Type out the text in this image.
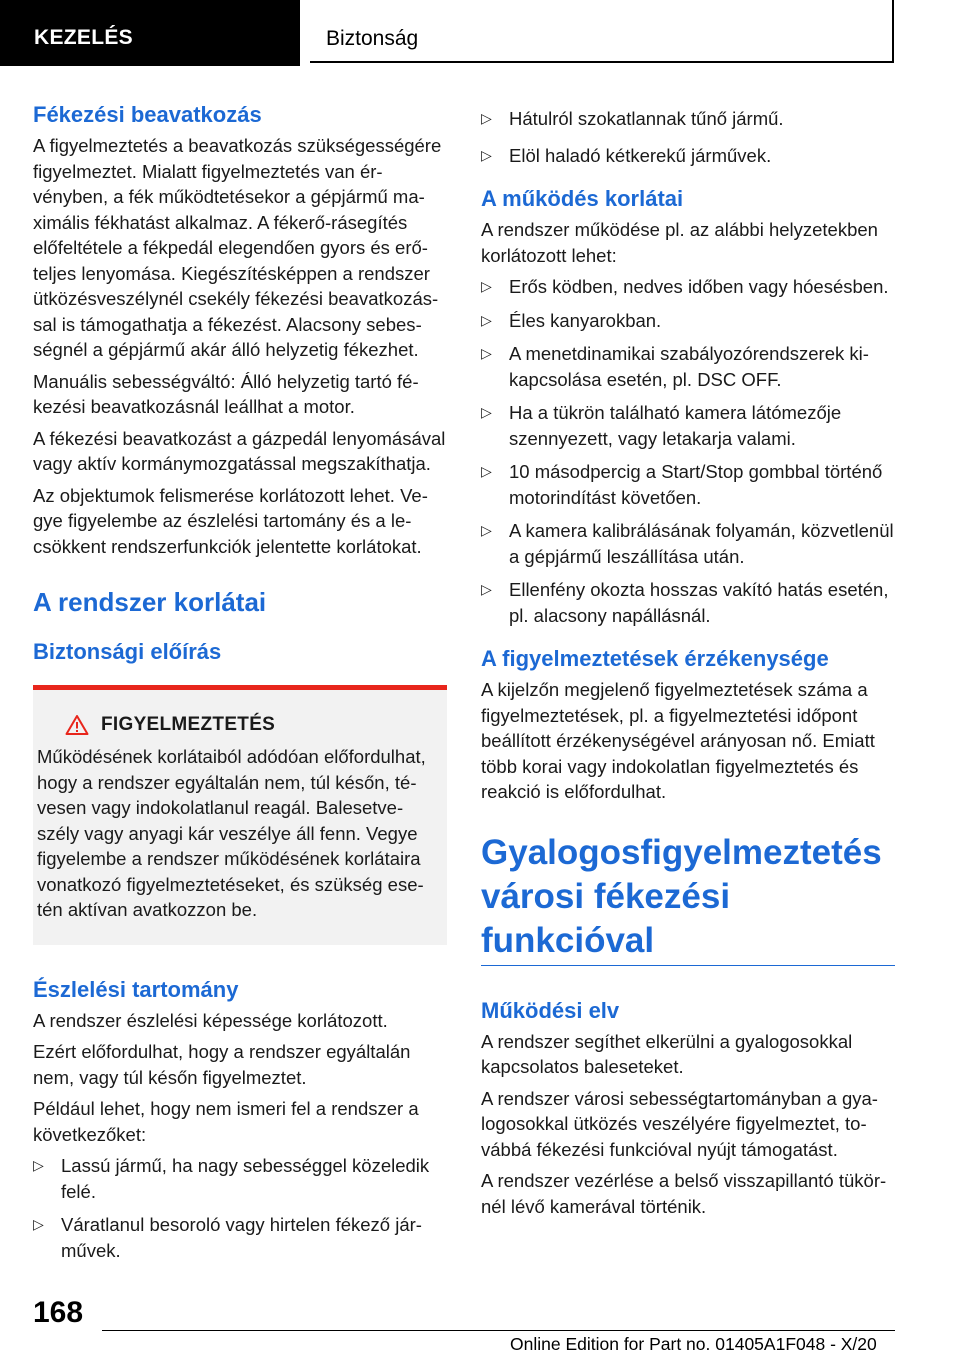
KEZELÉS	Biztonság
Fékezési beavatkozás

A figyelmeztetés a beavatkozás szükségességére figyelmeztet. Mialatt figyelmeztetés van érvényben, a fék működtetésekor a gépjármű maximális fékhatást alkalmaz. A fékerő-rásegítés előfeltétele a fékpedál elegendően gyors és erőteljes lenyomása. Kiegészítésképpen a rendszer ütközésveszélynél csekély fékezési beavatkozással is támogathatja a fékezést. Alacsony sebességnél a gépjármű akár álló helyzetig fékezhet.

Manuális sebességváltó: Álló helyzetig tartó fékezési beavatkozásnál leállhat a motor.

A fékezési beavatkozást a gázpedál lenyomásával vagy aktív kormánymozgatással megszakíthatja.

Az objektumok felismerése korlátozott lehet. Vegye figyelembe az észlelési tartomány és a lecsökkent rendszerfunkciók jelentette korlátokat.

A rendszer korlátai
Biztonsági előírás
FIGYELMEZTETÉS

Működésének korlátaiból adódóan előfordulhat, hogy a rendszer egyáltalán nem, túl későn, tévesen vagy indokolatlanul reagál. Balesetveszély vagy anyagi kár veszélye áll fenn. Vegye figyelembe a rendszer működésének korlátaira vonatkozó figyelmeztetéseket, és szükség esetén aktívan avatkozzon be.

Észlelési tartomány

A rendszer észlelési képessége korlátozott.

Ezért előfordulhat, hogy a rendszer egyáltalán nem, vagy túl későn figyelmeztet.

Például lehet, hogy nem ismeri fel a rendszer a következőket:

▷ Lassú jármű, ha nagy sebességgel közeledik felé.
▷ Váratlanul besoroló vagy hirtelen fékező járművek.
▷ Hátulról szokatlannak tűnő jármű.
▷ Elöl haladó kétkerekű járművek.
A működés korlátai

A rendszer működése pl. az alábbi helyzetekben korlátozott lehet:

▷ Erős ködben, nedves időben vagy hóesésben.
▷ Éles kanyarokban.
▷ A menetdinamikai szabályozórendszerek kikapcsolása esetén, pl. DSC OFF.
▷ Ha a tükrön található kamera látómezője szennyezett, vagy letakarja valami.
▷ 10 másodpercig a Start/Stop gombbal történő motorindítást követően.
▷ A kamera kalibrálásának folyamán, közvetlenül a gépjármű leszállítása után.
▷ Ellenfény okozta hosszas vakító hatás esetén, pl. alacsony napállásnál.
A figyelmeztetések érzékenysége

A kijelzőn megjelenő figyelmeztetések száma a figyelmeztetések, pl. a figyelmeztetési időpont beállított érzékenységével arányosan nő. Emiatt több korai vagy indokolatlan figyelmeztetés és reakció is előfordulhat.

Gyalogosfigyelmeztetés városi fékezési funkcióval
Működési elv

A rendszer segíthet elkerülni a gyalogosokkal kapcsolatos baleseteket.

A rendszer városi sebességtartományban a gyalogosokkal ütközés veszélyére figyelmeztet, továbbá fékezési funkcióval nyújt támogatást.

A rendszer vezérlése a belső visszapillantó tükörnél lévő kamerával történik.

168
Online Edition for Part no. 01405A1F048 - X/20
